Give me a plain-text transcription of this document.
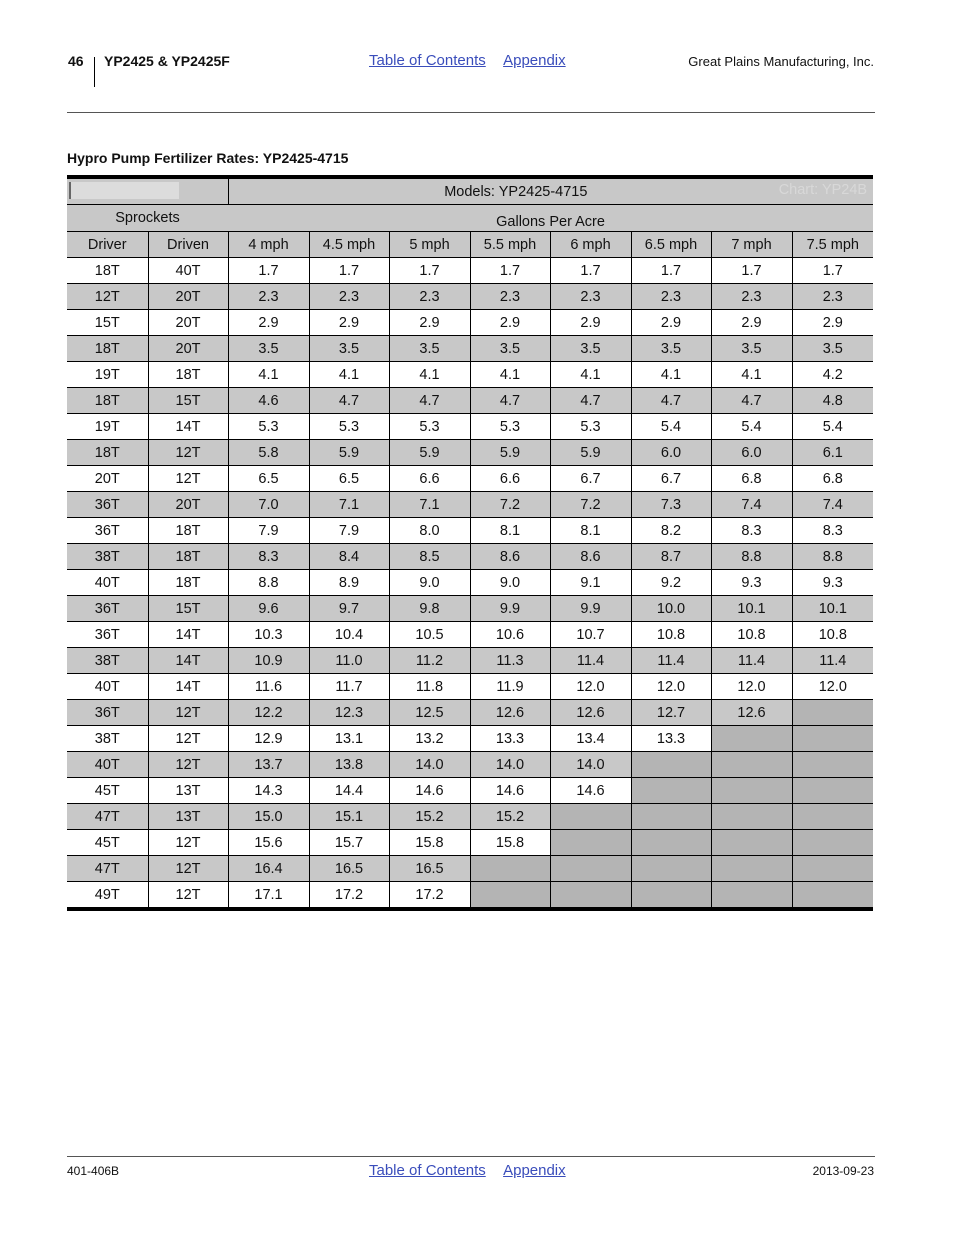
46 YP2425 & YP2425F	Table of Contents Appendix	Great Plains Manufacturing, Inc.
Hypro Pump Fertilizer Rates: YP2425-4715
		Models: YP2425-4715 Chart: YP24B							

Sprockets		Gallons Per Acre							
Driver	Driven	4 mph	4.5 mph	5 mph	5.5 mph	6 mph	6.5 mph	7 mph	7.5 mph
18T	40T	1.7	1.7	1.7	1.7	1.7	1.7	1.7	1.7
12T	20T	2.3	2.3	2.3	2.3	2.3	2.3	2.3	2.3
15T	20T	2.9	2.9	2.9	2.9	2.9	2.9	2.9	2.9
18T	20T	3.5	3.5	3.5	3.5	3.5	3.5	3.5	3.5
19T	18T	4.1	4.1	4.1	4.1	4.1	4.1	4.1	4.2
18T	15T	4.6	4.7	4.7	4.7	4.7	4.7	4.7	4.8
19T	14T	5.3	5.3	5.3	5.3	5.3	5.4	5.4	5.4
18T	12T	5.8	5.9	5.9	5.9	5.9	6.0	6.0	6.1
20T	12T	6.5	6.5	6.6	6.6	6.7	6.7	6.8	6.8
36T	20T	7.0	7.1	7.1	7.2	7.2	7.3	7.4	7.4
36T	18T	7.9	7.9	8.0	8.1	8.1	8.2	8.3	8.3
38T	18T	8.3	8.4	8.5	8.6	8.6	8.7	8.8	8.8
40T	18T	8.8	8.9	9.0	9.0	9.1	9.2	9.3	9.3
36T	15T	9.6	9.7	9.8	9.9	9.9	10.0	10.1	10.1
36T	14T	10.3	10.4	10.5	10.6	10.7	10.8	10.8	10.8
38T	14T	10.9	11.0	11.2	11.3	11.4	11.4	11.4	11.4
40T	14T	11.6	11.7	11.8	11.9	12.0	12.0	12.0	12.0
36T	12T	12.2	12.3	12.5	12.6	12.6	12.7	12.6	
38T	12T	12.9	13.1	13.2	13.3	13.4	13.3		
40T	12T	13.7	13.8	14.0	14.0	14.0			
45T	13T	14.3	14.4	14.6	14.6	14.6			
47T	13T	15.0	15.1	15.2	15.2				
45T	12T	15.6	15.7	15.8	15.8				
47T	12T	16.4	16.5	16.5					
49T	12T	17.1	17.2	17.2					
401-406B	Table of Contents Appendix	2013-09-23
